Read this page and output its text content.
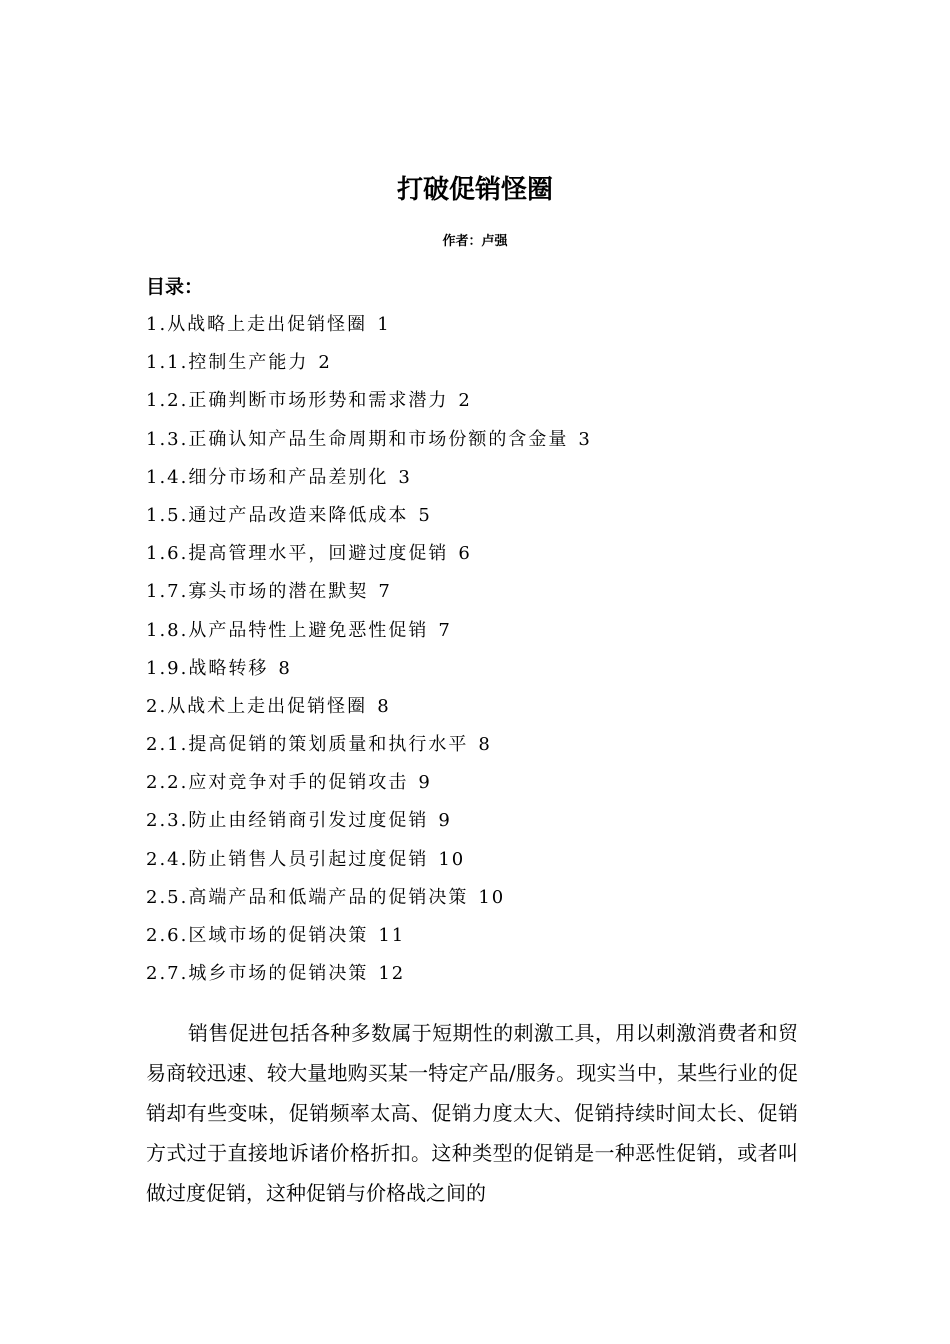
打破促销怪圈
作者：卢强
目录：
1.从战略上走出促销怪圈 1
1.1.控制生产能力 2
1.2.正确判断市场形势和需求潜力 2
1.3.正确认知产品生命周期和市场份额的含金量 3
1.4.细分市场和产品差别化 3
1.5.通过产品改造来降低成本 5
1.6.提高管理水平，回避过度促销 6
1.7.寡头市场的潜在默契 7
1.8.从产品特性上避免恶性促销 7
1.9.战略转移 8
2.从战术上走出促销怪圈 8
2.1.提高促销的策划质量和执行水平 8
2.2.应对竞争对手的促销攻击 9
2.3.防止由经销商引发过度促销 9
2.4.防止销售人员引起过度促销 10
2.5.高端产品和低端产品的促销决策 10
2.6.区域市场的促销决策 11
2.7.城乡市场的促销决策 12

销售促进包括各种多数属于短期性的刺激工具，用以刺激消费者和贸易商较迅速、较大量地购买某一特定产品/服务。现实当中，某些行业的促销却有些变味，促销频率太高、促销力度太大、促销持续时间太长、促销方式过于直接地诉诸价格折扣。这种类型的促销是一种恶性促销，或者叫做过度促销，这种促销与价格战之间的
